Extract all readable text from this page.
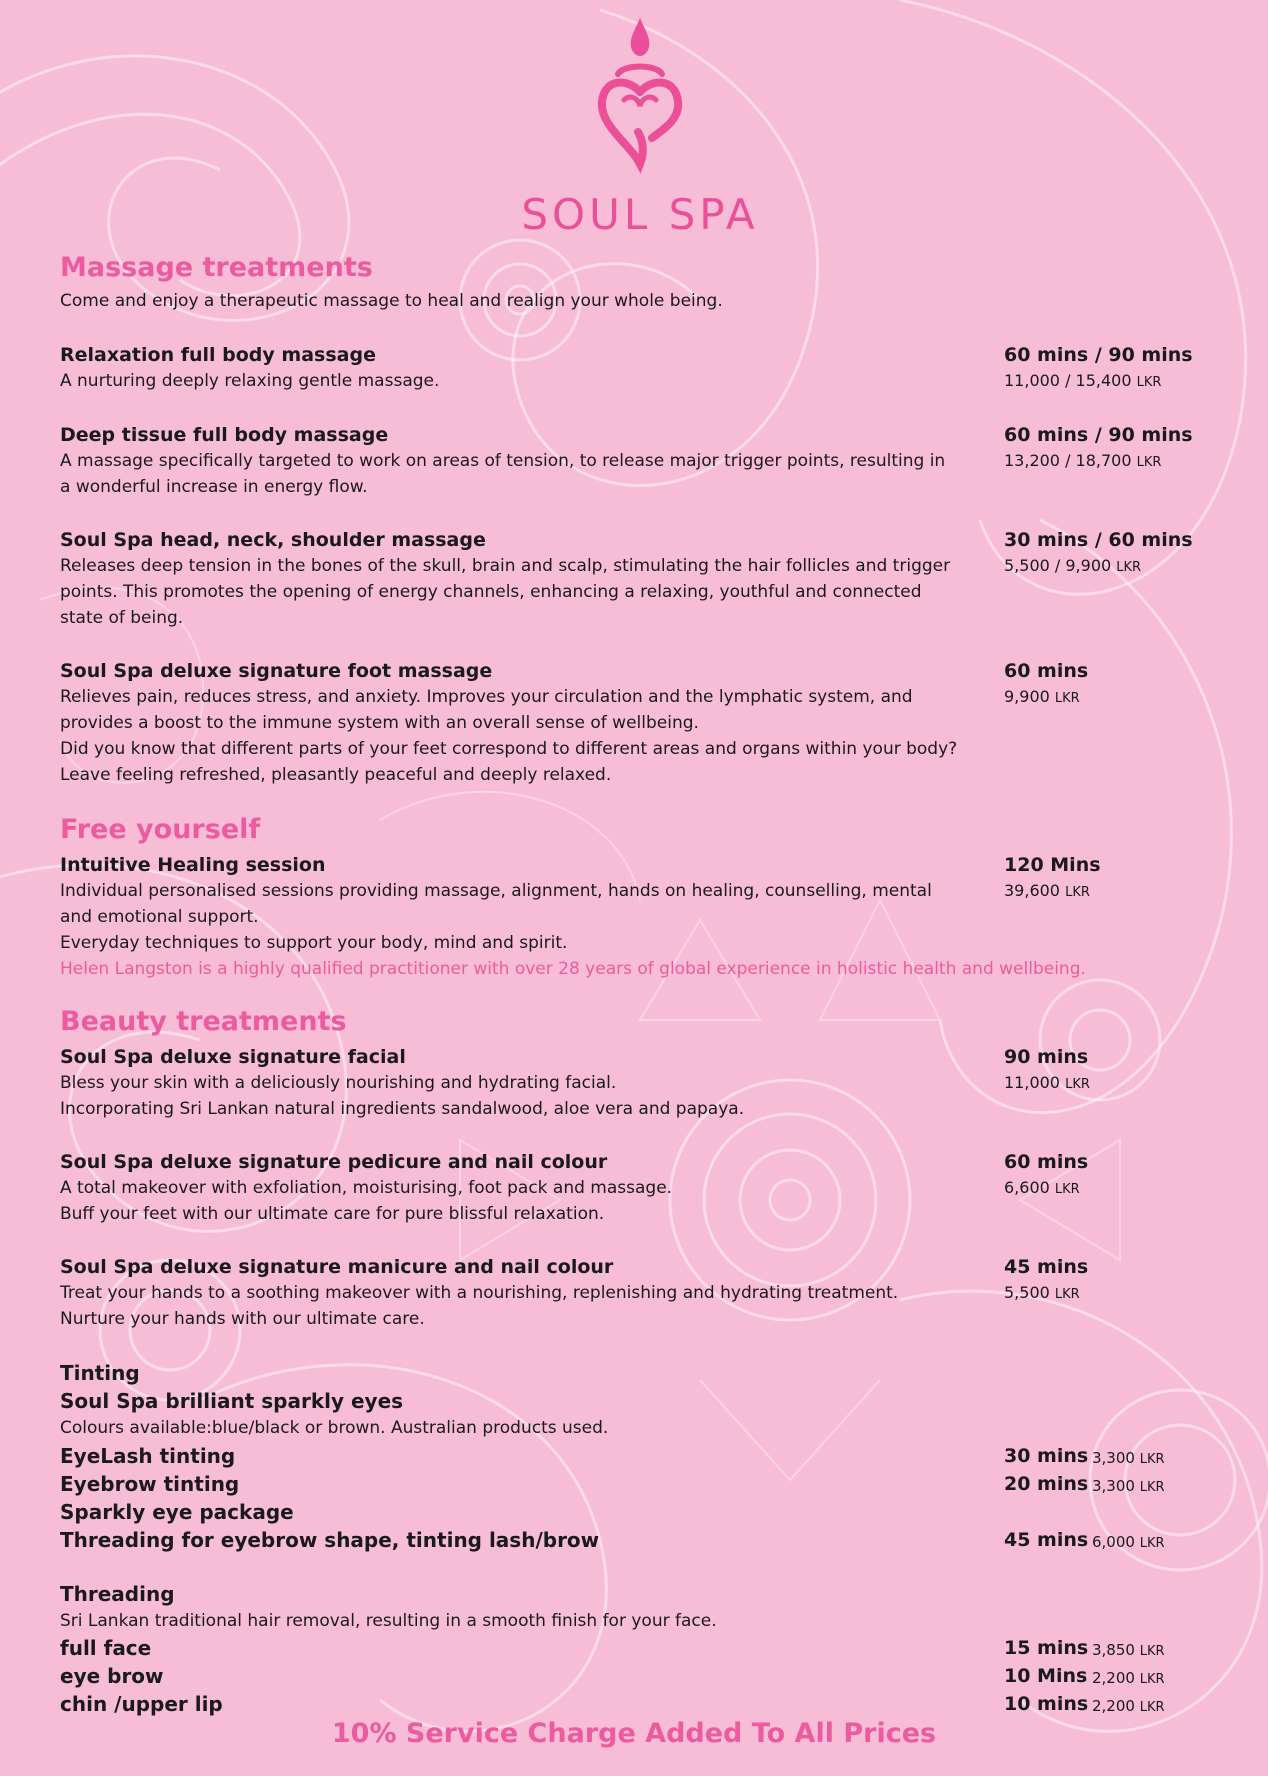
SOUL SPA
Massage treatments
Come and enjoy a therapeutic massage to heal and realign your whole being.
Relaxation full body massage
A nurturing deeply relaxing gentle massage.
60 mins / 90 mins
11,000 / 15,400 LKR
Deep tissue full body massage
A massage specifically targeted to work on areas of tension, to release major trigger points, resulting in a wonderful increase in energy flow.
60 mins / 90 mins
13,200 / 18,700 LKR
Soul Spa head, neck, shoulder massage
Releases deep tension in the bones of the skull, brain and scalp, stimulating the hair follicles and trigger points. This promotes the opening of energy channels, enhancing a relaxing, youthful and connected state of being.
30 mins / 60 mins
5,500 / 9,900 LKR
Soul Spa deluxe signature foot massage
Relieves pain, reduces stress, and anxiety. Improves your circulation and the lymphatic system, and provides a boost to the immune system with an overall sense of wellbeing.
Did you know that different parts of your feet correspond to different areas and organs within your body?
Leave feeling refreshed, pleasantly peaceful and deeply relaxed.
60 mins
9,900 LKR
Free yourself
Intuitive Healing session
Individual personalised sessions providing massage, alignment, hands on healing, counselling, mental and emotional support.
Everyday techniques to support your body, mind and spirit.
Helen Langston is a highly qualified practitioner with over 28 years of global experience in holistic health and wellbeing.
120 Mins
39,600 LKR
Beauty treatments
Soul Spa deluxe signature facial
Bless your skin with a deliciously nourishing and hydrating facial.
Incorporating Sri Lankan natural ingredients sandalwood, aloe vera and papaya.
90 mins
11,000 LKR
Soul Spa deluxe signature pedicure and nail colour
A total makeover with exfoliation, moisturising, foot pack and massage.
Buff your feet with our ultimate care for pure blissful relaxation.
60 mins
6,600 LKR
Soul Spa deluxe signature manicure and nail colour
Treat your hands to a soothing makeover with a nourishing, replenishing and hydrating treatment.
Nurture your hands with our ultimate care.
45 mins
5,500 LKR
Tinting
Soul Spa brilliant sparkly eyes
Colours available:blue/black or brown. Australian products used.
EyeLash tinting	30 mins 3,300 LKR
Eyebrow tinting	20 mins 3,300 LKR
Sparkly eye package
Threading for eyebrow shape, tinting lash/brow	45 mins 6,000 LKR
Threading
Sri Lankan traditional hair removal, resulting in a smooth finish for your face.
full face	15 mins 3,850 LKR
eye brow	10 Mins 2,200 LKR
chin /upper lip	10 mins 2,200 LKR
10% Service Charge Added To All Prices
